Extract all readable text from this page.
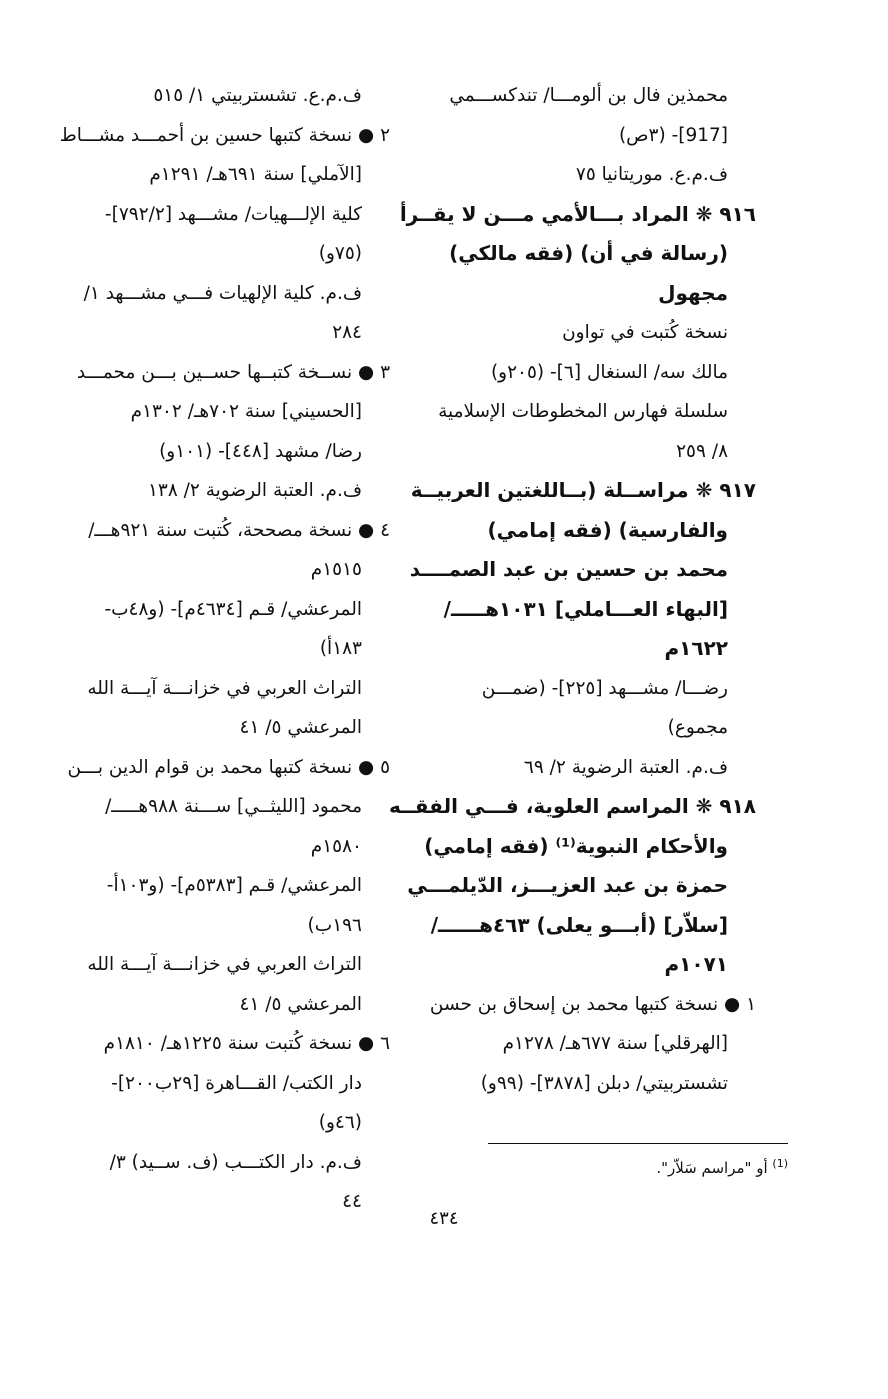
محمذين فال بن ألومـــا/ تندكســـمي
[917]- (٣ص)
ف.م.ع. موريتانيا ٧٥
٩١٦ ❋ المراد بـــالأمي مـــن لا يقــرأ
(رسالة في أن) (فقه مالكي)
مجهول
نسخة كُتبت في تواون
مالك سه/ السنغال [٦]- (٢٠٥و)
سلسلة فهارس المخطوطات الإسلامية
٨/ ٢٥٩
٩١٧ ❋ مراســلة (بــاللغتين العربيــة
والفارسية) (فقه إمامي)
محمد بن حسين بن عبد الصمــــد
[البهاء العـــاملي] ١٠٣١هـــــ/
١٦٢٢م
رضـــا/ مشـــهد [٢٢٥]- (ضمـــن
مجموع)
ف.م. العتبة الرضوية ٢/ ٦٩
٩١٨ ❋ المراسم العلوية، فـــي الفقــه
والأحكام النبوية⁽¹⁾ (فقه إمامي)
حمزة بن عبد العزيـــز، الدّيلمـــي
[سلاّر] (أبـــو يعلى) ٤٦٣هــــــ/
١٠٧١م
١ ● نسخة كتبها محمد بن إسحاق بن حسن
[الهرقلي] سنة ٦٧٧هـ/ ١٢٧٨م
تشستربيتي/ دبلن [٣٨٧٨]- (٩٩و)
ف.م.ع. تشستربيتي ١/ ٥١٥
٢ ● نسخة كتبها حسين بن أحمـــد مشـــاط
[الآملي] سنة ٦٩١هـ/ ١٢٩١م
كلية الإلـــهيات/ مشـــهد [٧٩٢/٢]-
(٧٥و)
ف.م. كلية الإلهيات فـــي مشـــهد ١/
٢٨٤
٣ ● نســخة كتبــها حســين بـــن محمـــد
[الحسيني] سنة ٧٠٢هـ/ ١٣٠٢م
رضا/ مشهد [٤٤٨]- (١٠١و)
ف.م. العتبة الرضوية ٢/ ١٣٨
٤ ● نسخة مصححة، كُتبت سنة ٩٢١هـــ/
١٥١٥م
المرعشي/ قـم [٤٦٣٤م]- (و٤٨ب-
١٨٣أ)
التراث العربي في خزانـــة آيـــة الله
المرعشي ٥/ ٤١
٥ ● نسخة كتبها محمد بن قوام الدين بـــن
محمود [الليثــي] ســـنة ٩٨٨هـــــ/
١٥٨٠م
المرعشي/ قـم [٥٣٨٣م]- (و١٠٣أ-
١٩٦ب)
التراث العربي في خزانـــة آيـــة الله
المرعشي ٥/ ٤١
٦ ● نسخة كُتبت سنة ١٢٢٥هـ/ ١٨١٠م
دار الكتب/ القـــاهرة [٢٩ب٢٠٠]-
(٤٦و)
ف.م. دار الكتـــب (ف. ســيد) ٣/
٤٤
$^{(1)}$ أو "مراسم سَلاّر".
٤٣٤
